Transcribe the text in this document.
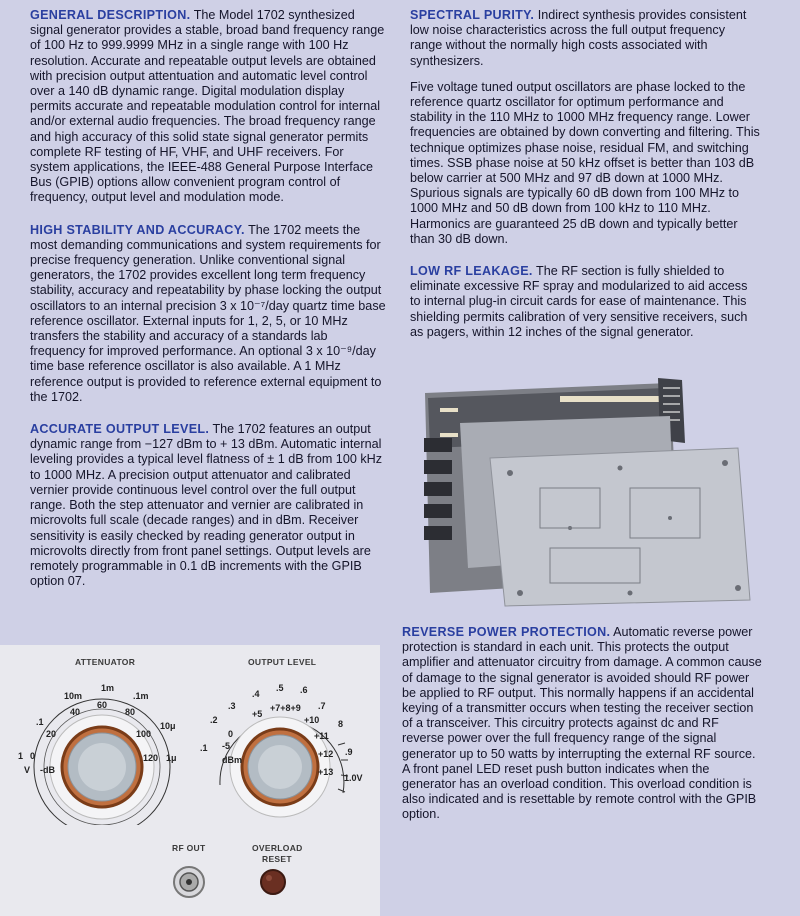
GENERAL DESCRIPTION. The Model 1702 synthesized signal generator provides a stable, broad band frequency range of 100 Hz to 999.9999 MHz in a single range with 100 Hz resolution. Accurate and repeatable output levels are obtained with precision output attentuation and automatic level control over a 140 dB dynamic range. Digital modulation display permits accurate and repeatable modulation control for internal and/or external audio frequencies. The broad frequency range and high accuracy of this solid state signal generator permits complete RF testing of HF, VHF, and UHF receivers. For system applications, the IEEE-488 General Purpose Interface Bus (GPIB) options allow convenient program control of frequency, output level and modulation mode.

HIGH STABILITY AND ACCURACY. The 1702 meets the most demanding communications and system requirements for precise frequency generation. Unlike conventional signal generators, the 1702 provides excellent long term frequency stability, accuracy and repeatability by phase locking the output oscillators to an internal precision 3 x 10⁻⁷/day quartz time base reference oscillator. External inputs for 1, 2, 5, or 10 MHz transfers the stability and accuracy of a standards lab frequency for improved performance. An optional 3 x 10⁻⁹/day time base reference oscillator is also available. A 1 MHz reference output is provided to reference external equipment to the 1702.

ACCURATE OUTPUT LEVEL. The 1702 features an output dynamic range from −127 dBm to + 13 dBm. Automatic internal leveling provides a typical level flatness of ± 1 dB from 100 kHz to 1000 MHz. A precision output attenuator and calibrated vernier provide continuous level control over the full output range. Both the step attenuator and vernier are calibrated in microvolts full scale (decade ranges) and in dBm. Receiver sensitivity is easily checked by reading generator output in microvolts directly from front panel settings. Output levels are remotely programmable in 0.1 dB increments with the GPIB option 07.

SPECTRAL PURITY. Indirect synthesis provides consistent low noise characteristics across the full output frequency range without the normally high costs associated with synthesizers.

Five voltage tuned output oscillators are phase locked to the reference quartz oscillator for optimum performance and stability in the 110 MHz to 1000 MHz frequency range. Lower frequencies are obtained by down converting and filtering. This technique optimizes phase noise, residual FM, and switching times. SSB phase noise at 50 kHz offset is better than 103 dB below carrier at 500 MHz and 97 dB down at 1000 MHz. Spurious signals are typically 60 dB down from 100 MHz to 1000 MHz and 50 dB down from 100 kHz to 110 MHz. Harmonics are guaranteed 25 dB down and typically better than 30 dB down.

LOW RF LEAKAGE. The RF section is fully shielded to eliminate excessive RF spray and modularized to aid access to internal plug-in circuit cards for ease of maintenance. This shielding permits calibration of very sensitive receivers, such as pagers, within 12 inches of the signal generator.

REVERSE POWER PROTECTION. Automatic reverse power protection is standard in each unit. This protects the output amplifier and attenuator circuitry from damage. A common cause of damage to the signal generator is avoided should RF power be applied to RF output. This normally happens if an accidental keying of a transmitter occurs when testing the receiver section of a transceiver. This circuitry protects against dc and RF reverse power over the full frequency range of the signal generator up to 50 watts by interrupting the external RF source. A front panel LED reset push button indicates when the generator has an overload condition. This overload condition is also indicated and is resettable by remote control with the GPIB option.

ATTENUATOR	OUTPUT LEVEL
1
10m
1m
.1m
10μ
1μ
0
20
40
60
80
100
120
.1
V -dB
.1
.2
.3
.4
.5 .6
.7
8
.9
1.0V
-5
0
+5
+7+8+9
+10
+11
+12
+13
dBm
RF OUT	OVERLOAD
RESET
